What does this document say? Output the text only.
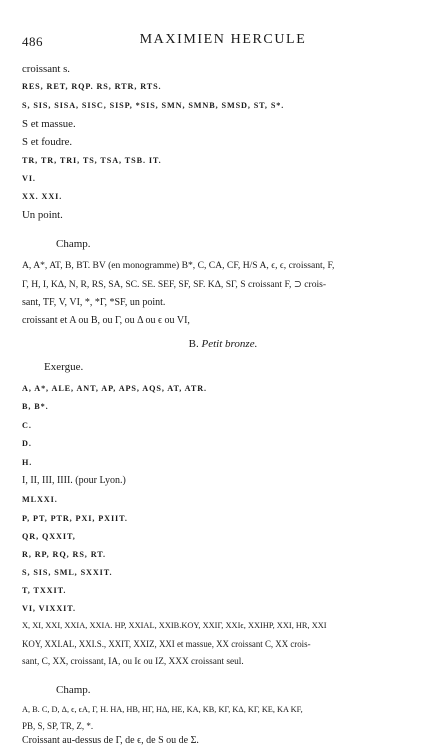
486	MAXIMIEN HERCULE
croissant s.
RES, RET, RQP. RS, RTR, RTS.
S, SIS, SISA, SISC, SISP, *SIS, SMN, SMNB, SMSD, ST, S*.
S et massue.
S et foudre.
TR, TR, TRI, TS, TSA, TSB. IT.
VI.
XX. XXI.
Un point.
Champ.
A, A*, AT, B, BT. BV (en monogramme) B*, C, CA, CF, H/S A, ϵ, ϵ, croissant, F,
Γ, H, I, KΔ, N, R, RS, SA, SC. SE. SEF, SF, SF. KΔ, SΓ, S croissant F, ⊃ crois-
sant, TF, V, VI, *, *Γ, *SF, un point.
croissant et A ou B, ou Γ, ou Δ ou ϵ ou VI,
B. Petit bronze.
Exergue.
A, A*, ALE, ANT, AP, APS, AQS, AT, ATR.
B, B*.
C.
D.
H.
I, II, III, IIII. (pour Lyon.)
MLXXI.
P, PT, PTR, PXI, PXIIT.
QR, QXXIT,
R, RP, RQ, RS, RT.
S, SIS, SML, SXXIT.
T, TXXIT.
VI, VIXXIT.
X, XI, XXI, XXIA, XXIA. HP, XXIAL, XXIB.KOY, XXIΓ, XXIϵ, XXIHP, XXI, HR, XXI
KOY, XXI.AL, XXI.S., XXIT, XXIZ, XXI et massue, XX croissant C, XX crois-
sant, C, XX, croissant, IA, ou Iϵ ou IZ, XXX croissant seul.
Champ.
A, B. C, D, Δ, ϵ, ϵA, Γ, H. HA, HB, HΓ, HΔ, HE, KA, KB, KΓ, KΔ, KΓ, KE, KA KF,
PB, S, SP, TR, Z, *.
Croissant au-dessus de Γ, de ϵ, de S ou de Σ.
